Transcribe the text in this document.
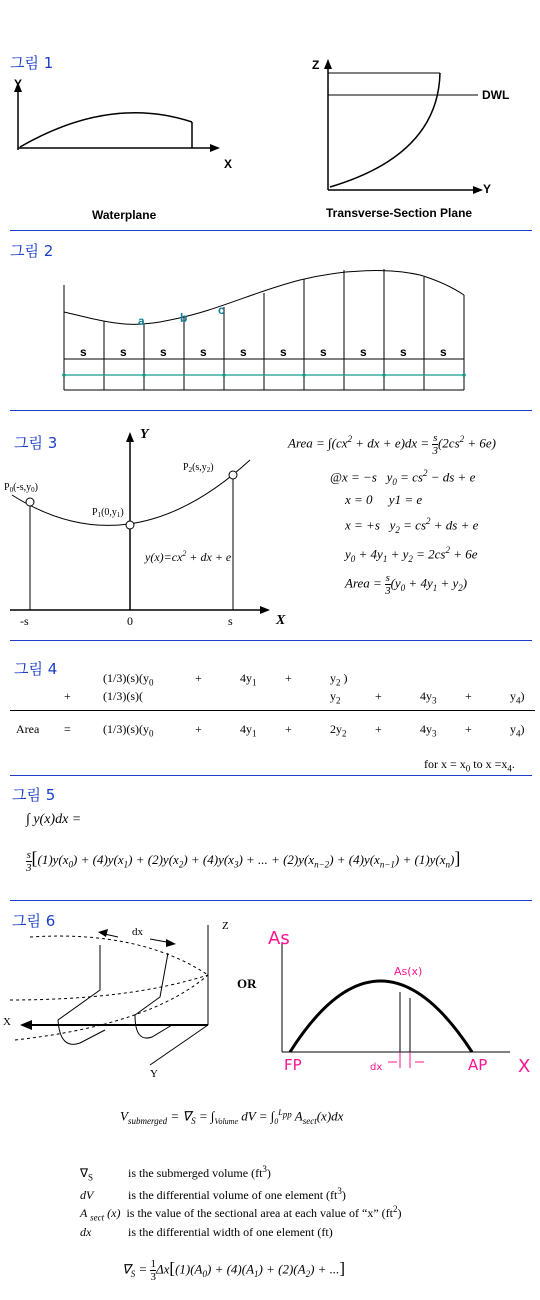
그림 1
Y
X
Waterplane
Z
Y
DWL
Transverse-Section Plane
그림 2
a	b
c
s	s	s	s	s	s	s	s	s	s
그림 3	Y
X
$P_0(-s,y_0)$
$P_1(0,y_1)$
$P_2(s,y_2)$
$y(x)=cx^2$ + dx + e
-s	0	s
Area = $\int(cx^2$ + dx + e)dx = s

3
$(2cs^2 + 6e)$
@x = −s   $y_0 = cs^2$ − ds + e
x = 0     y1 = e
x = +s   $y_2 = cs^2$ + ds + e
$y_0 + 4y_1 + y_2 = 2cs^2 + 6e$
Area = s

3
$(y_0 + 4y_1 + y_2)$
그림 4	$(1/3)(s)(y_0$	+	$4y_1$ +	$y_2$ )
+	(1/3)(s)(	$y_2$	+	$4y_3$ +	$y_4$)
Area =	$(1/3)(s)(y_0$	+	$4y_1$ +	$2y_2$ +	$4y_3$ +	$y_4$)
for $x = x_0$ to $x =x_4$.
그림 5
∫ y(x)dx =
s

3 [$(1)y(x_0) + (4)y(x_1) + (2)y(x_2) + (4)y(x_3)$ + ... + $(2)y(x_{n-2}) + (4)y(x_{n-1}) + (1)y(x_n)$]
그림 6
dx	Z
X
Y
OR
As
As(x)
FP	AP
dx	X
$V_{submerged} = \nabla_S = \int_{Volume}$ dV = $\int_0^{L_{pp}}$ $A_{sect}(x)dx$
$\nabla_S$	is the submerged volume $(ft^3)$
dV	is the differential volume of one element $(ft^3)$
A $_{sect}$ (x)  is the value of the sectional area at each value of “x” $(ft^2)$
dx	is the differential width of one element (ft)
$\nabla_S = 1$

3
$\Delta x[(1)(A_0) + (4)(A_1) + (2)(A_2)$ + ...]
